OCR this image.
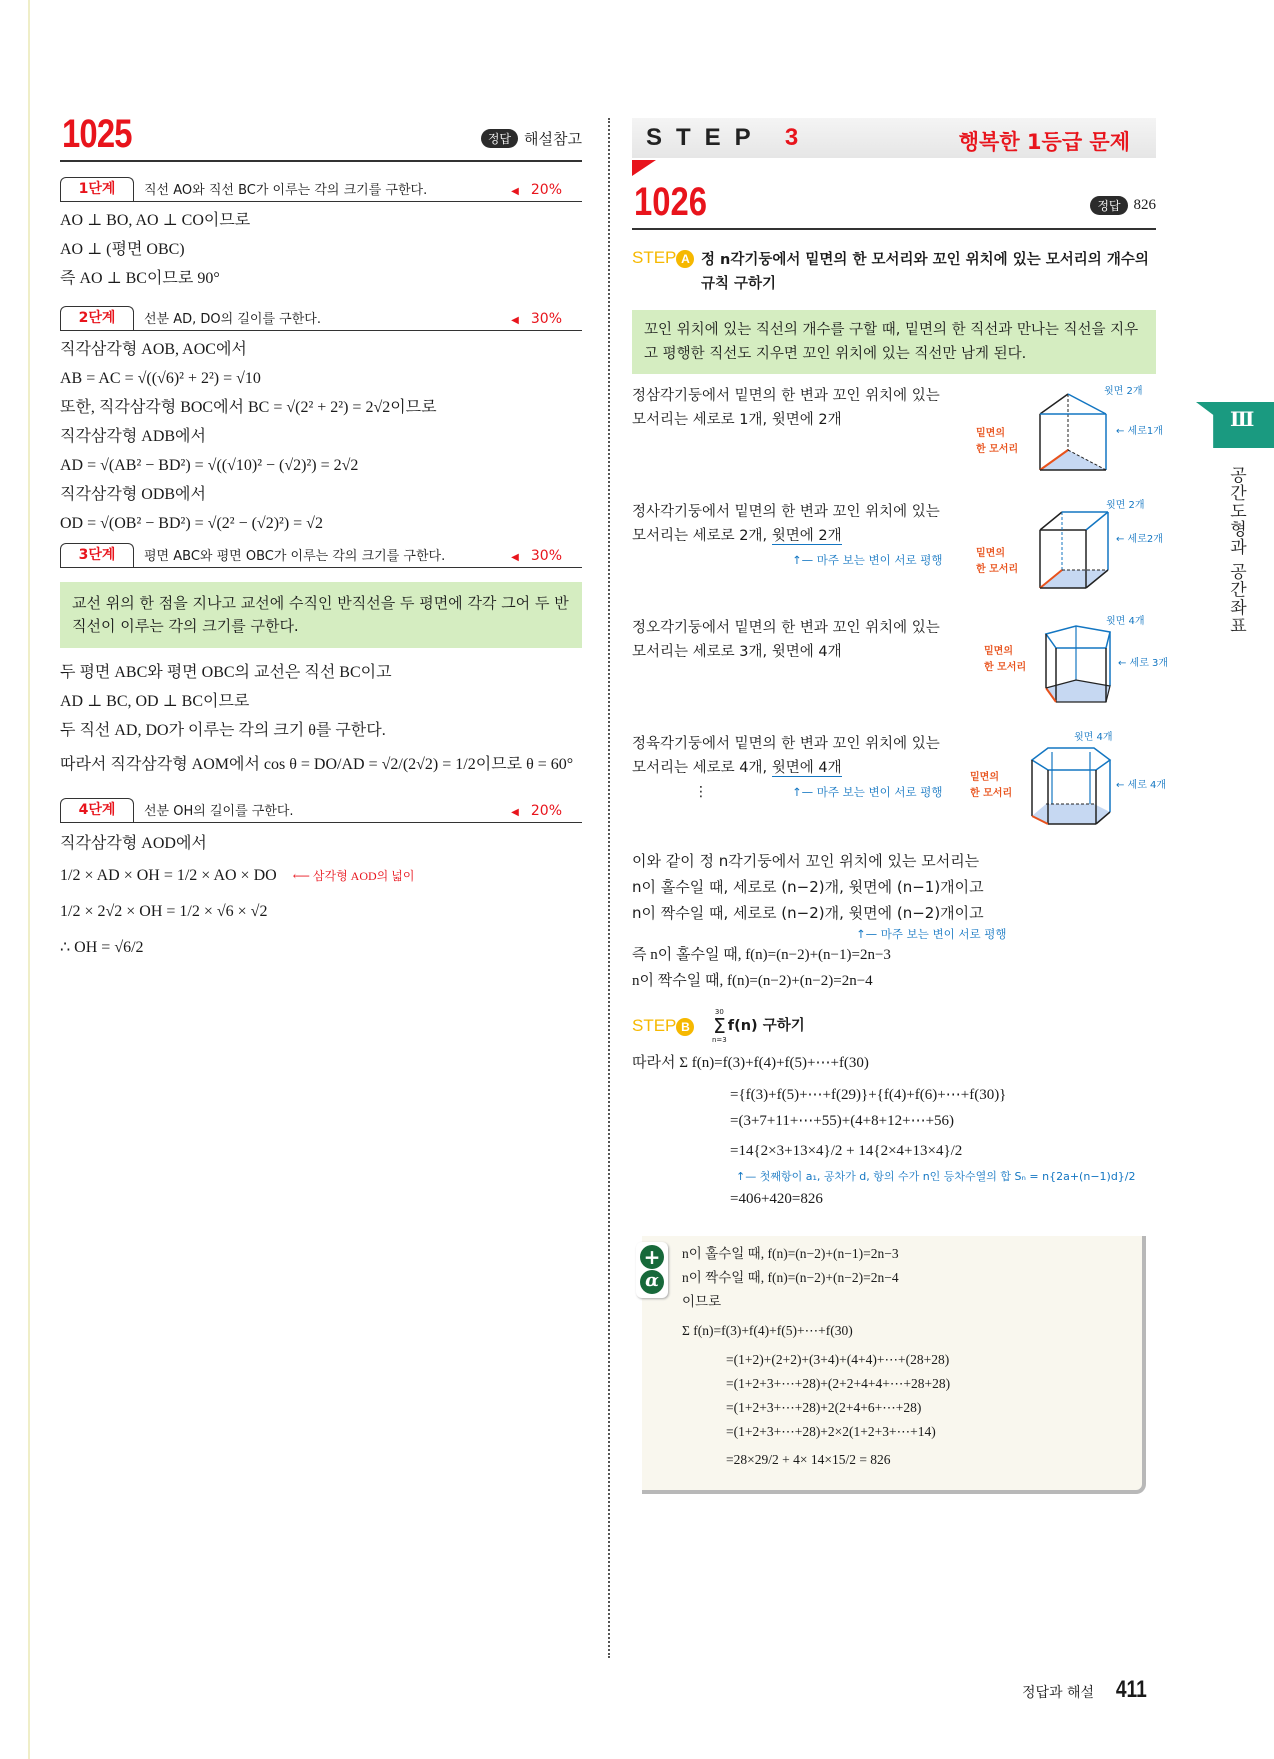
1025	정답 해설참고
1단계	직선 AO와 직선 BC가 이루는 각의 크기를 구한다.	◀ 20%
AO ⊥ BO, AO ⊥ CO이므로
AO ⊥ (평면 OBC)
즉 AO ⊥ BC이므로 90°
2단계	선분 AD, DO의 길이를 구한다.	◀ 30%
직각삼각형 AOB, AOC에서
AB = AC = √((√6)² + 2²) = √10
또한, 직각삼각형 BOC에서 BC = √(2² + 2²) = 2√2이므로
직각삼각형 ADB에서
AD = √(AB² − BD²) = √((√10)² − (√2)²) = 2√2
직각삼각형 ODB에서
OD = √(OB² − BD²) = √(2² − (√2)²) = √2
3단계	평면 ABC와 평면 OBC가 이루는 각의 크기를 구한다.	◀ 30%
교선 위의 한 점을 지나고 교선에 수직인 반직선을 두 평면에 각각 그어 두 반직선이 이루는 각의 크기를 구한다.
두 평면 ABC와 평면 OBC의 교선은 직선 BC이고
AD ⊥ BC, OD ⊥ BC이므로
두 직선 AD, DO가 이루는 각의 크기 θ를 구한다.
따라서 직각삼각형 AOM에서 cos θ = DO/AD = √2/(2√2) = 1/2이므로 θ = 60°
4단계	선분 OH의 길이를 구한다.	◀ 20%
직각삼각형 AOD에서
1/2 × AD × OH = 1/2 × AO × DO ⟵ 삼각형 AOD의 넓이
1/2 × 2√2 × OH = 1/2 × √6 × √2
∴ OH = √6/2
STEP 3	행복한 1등급 문제
1026	정답 826
STEP A 정 n각기둥에서 밑면의 한 모서리와 꼬인 위치에 있는 모서리의 개수의 규칙 구하기
꼬인 위치에 있는 직선의 개수를 구할 때, 밑면의 한 직선과 만나는 직선을 지우고 평행한 직선도 지우면 꼬인 위치에 있는 직선만 남게 된다.
정삼각기둥에서 밑면의 한 변과 꼬인 위치에 있는
모서리는 세로로 1개, 윗면에 2개
윗면 2개
← 세로1개
밑면의
한 모서리
정사각기둥에서 밑면의 한 변과 꼬인 위치에 있는
모서리는 세로로 2개, 윗면에 2개
↑— 마주 보는 변이 서로 평행
윗면 2개
← 세로2개
밑면의
한 모서리
정오각기둥에서 밑면의 한 변과 꼬인 위치에 있는
모서리는 세로로 3개, 윗면에 4개
윗면 4개
← 세로 3개
밑면의
한 모서리
정육각기둥에서 밑면의 한 변과 꼬인 위치에 있는
모서리는 세로로 4개, 윗면에 4개
⋮	↑— 마주 보는 변이 서로 평행
윗면 4개
← 세로 4개
밑면의
한 모서리
이와 같이 정 n각기둥에서 꼬인 위치에 있는 모서리는
n이 홀수일 때, 세로로 (n−2)개, 윗면에 (n−1)개이고
n이 짝수일 때, 세로로 (n−2)개, 윗면에 (n−2)개이고
↑— 마주 보는 변이 서로 평행
즉 n이 홀수일 때, f(n)=(n−2)+(n−1)=2n−3
n이 짝수일 때, f(n)=(n−2)+(n−2)=2n−4
STEP B
30
Σ
n=3
f(n) 구하기
따라서 Σ f(n)=f(3)+f(4)+f(5)+⋯+f(30)
={f(3)+f(5)+⋯+f(29)}+{f(4)+f(6)+⋯+f(30)}
=(3+7+11+⋯+55)+(4+8+12+⋯+56)
=14{2×3+13×4}/2 + 14{2×4+13×4}/2
↑— 첫째항이 a₁, 공차가 d, 항의 수가 n인 등차수열의 합 Sₙ = n{2a+(n−1)d}/2
=406+420=826
+
α
n이 홀수일 때, f(n)=(n−2)+(n−1)=2n−3
n이 짝수일 때, f(n)=(n−2)+(n−2)=2n−4
이므로
Σ f(n)=f(3)+f(4)+f(5)+⋯+f(30)
=(1+2)+(2+2)+(3+4)+(4+4)+⋯+(28+28)
=(1+2+3+⋯+28)+(2+2+4+4+⋯+28+28)
=(1+2+3+⋯+28)+2(2+4+6+⋯+28)
=(1+2+3+⋯+28)+2×2(1+2+3+⋯+14)
=28×29/2 + 4× 14×15/2 = 826
Ⅲ
공간도형과 공간좌표
정답과 해설 411
